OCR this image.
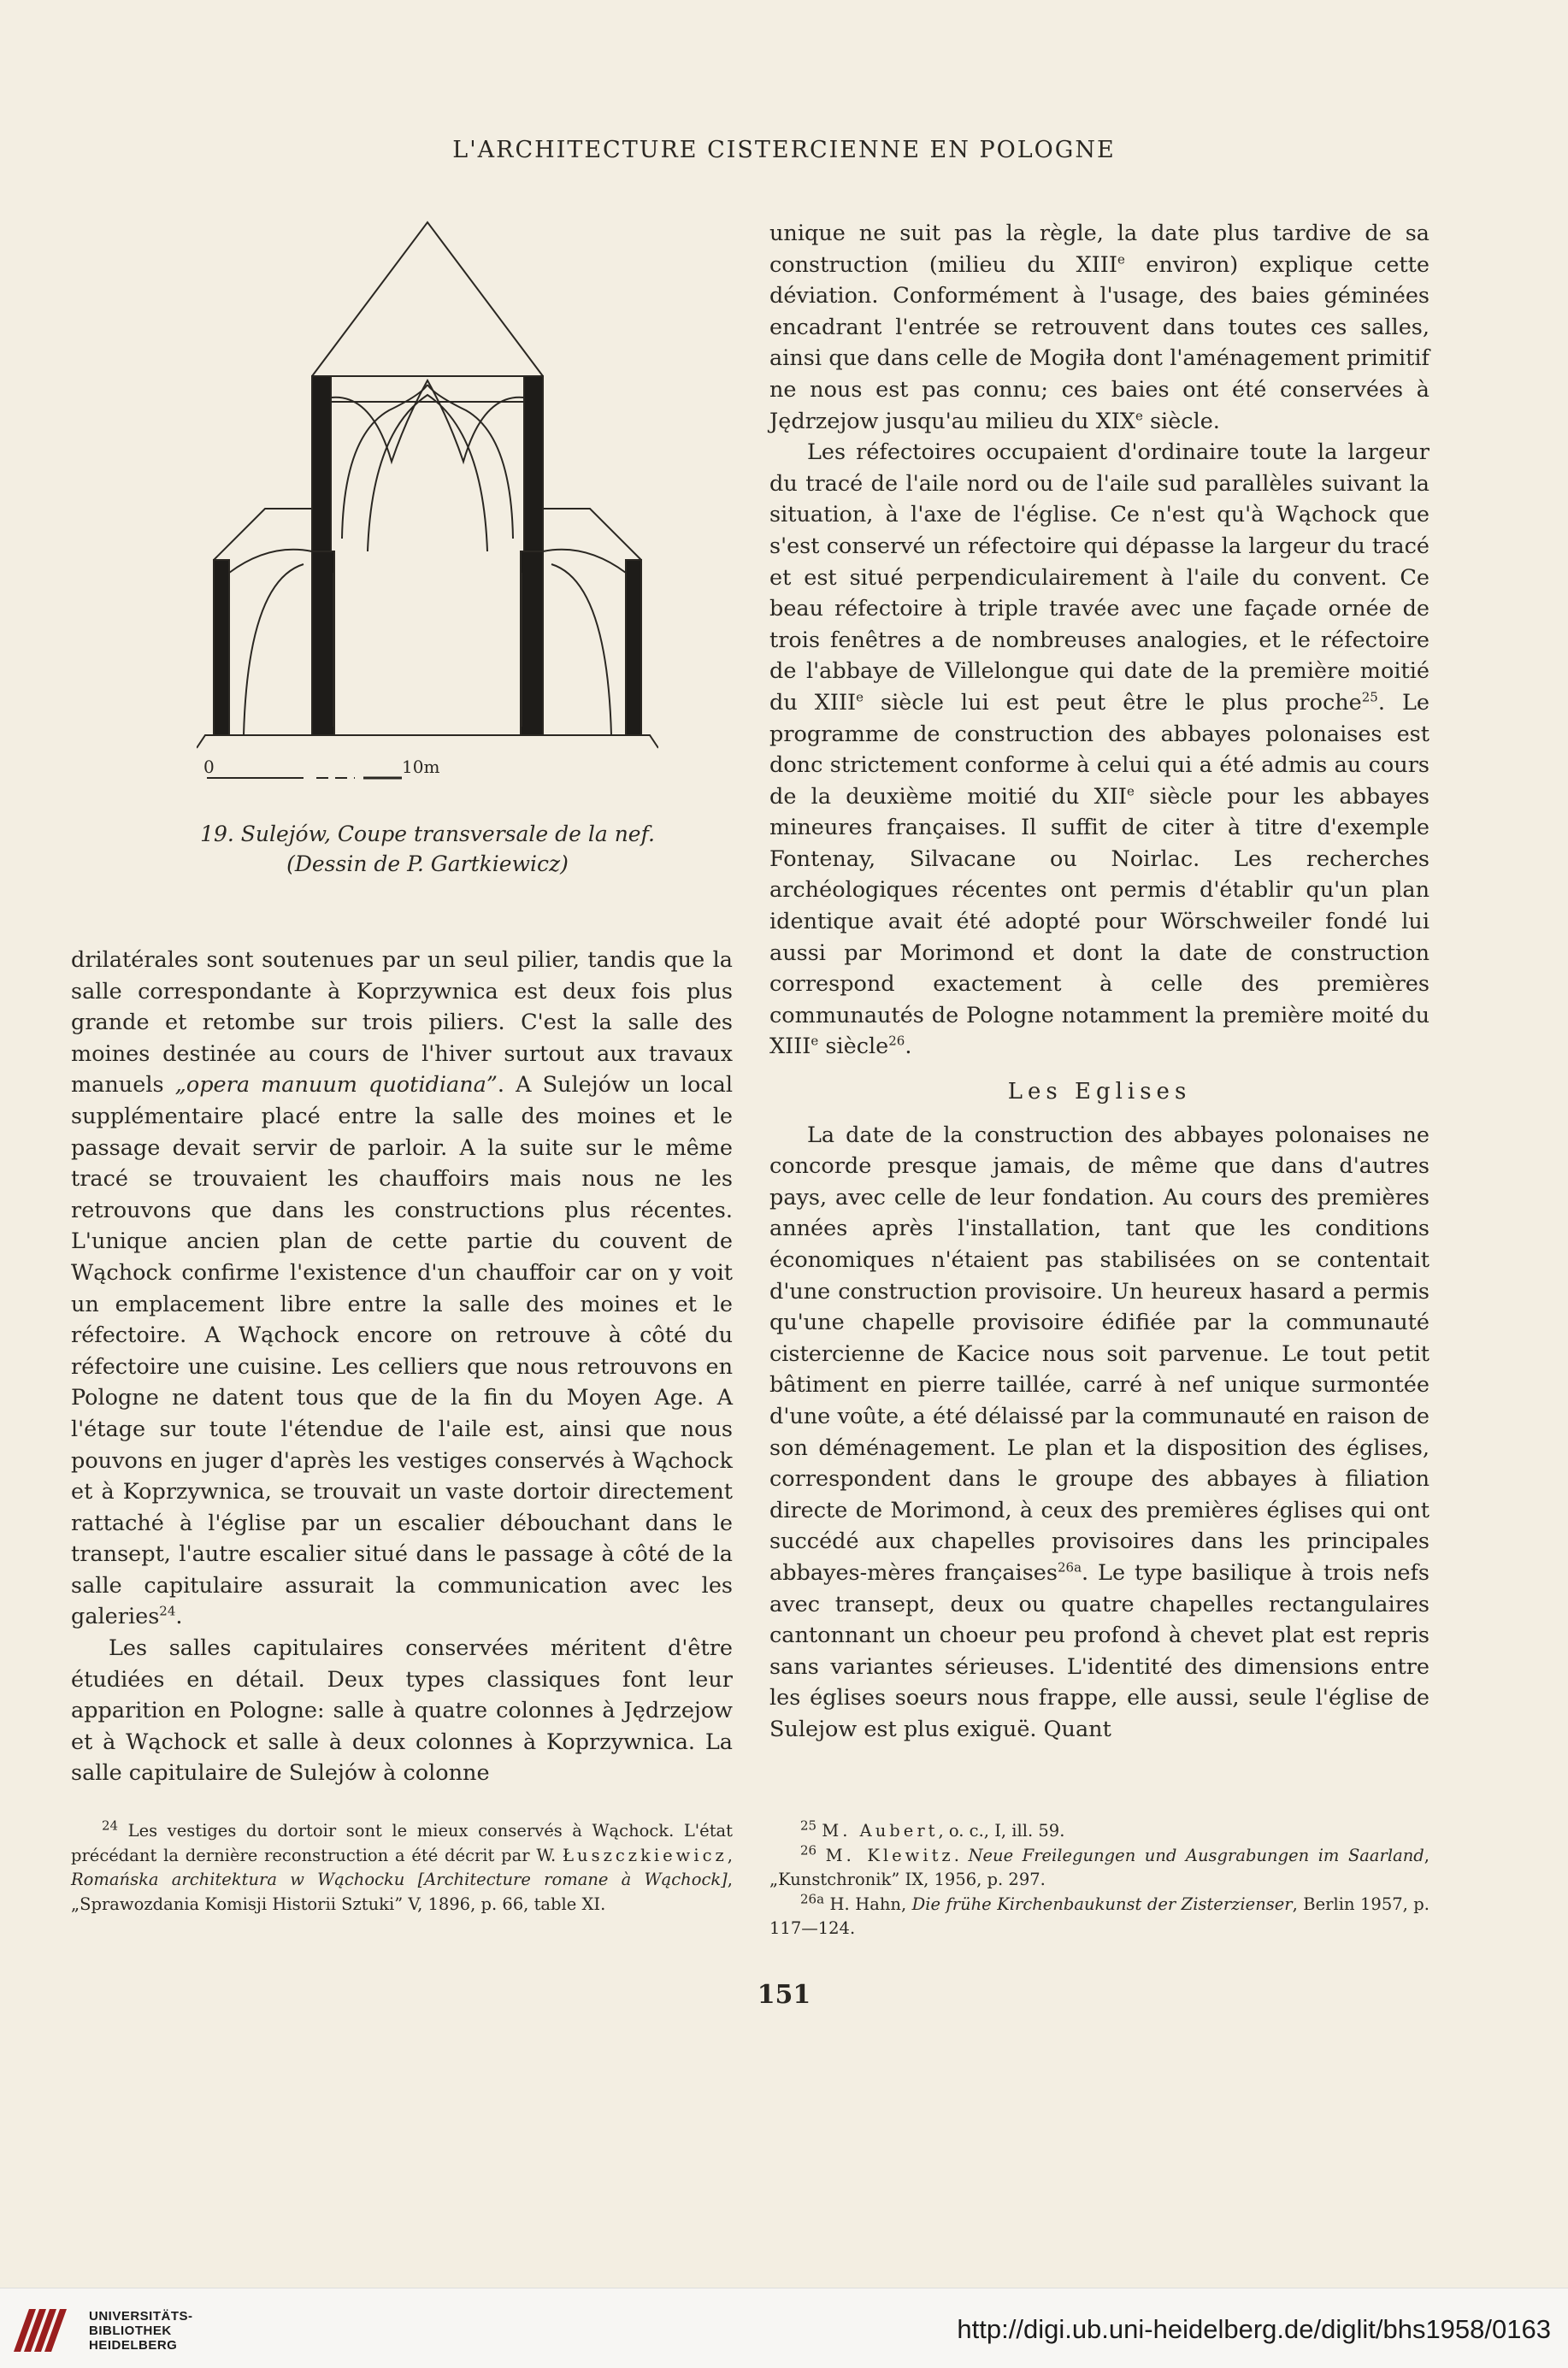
L'ARCHITECTURE CISTERCIENNE EN POLOGNE
0	10m
19. Sulejów, Coupe transversale de la nef.
(Dessin de P. Gartkiewicz)

drilatérales sont soutenues par un seul pilier, tandis que la salle correspondante à Koprzywnica est deux fois plus grande et retombe sur trois piliers. C'est la salle des moines destinée au cours de l'hiver surtout aux travaux manuels „opera manuum quotidiana”. A Sulejów un local supplémentaire placé entre la salle des moines et le passage devait servir de parloir. A la suite sur le même tracé se trouvaient les chauffoirs mais nous ne les retrouvons que dans les constructions plus récentes. L'unique ancien plan de cette partie du couvent de Wąchock confirme l'existence d'un chauffoir car on y voit un emplacement libre entre la salle des moines et le réfectoire. A Wąchock encore on retrouve à côté du réfectoire une cuisine. Les celliers que nous retrouvons en Pologne ne datent tous que de la fin du Moyen Age. A l'étage sur toute l'étendue de l'aile est, ainsi que nous pouvons en juger d'après les vestiges conservés à Wąchock et à Koprzywnica, se trouvait un vaste dortoir directement rattaché à l'église par un escalier débouchant dans le transept, l'autre escalier situé dans le passage à côté de la salle capitulaire assurait la communication avec les galeries$^{24}$.

Les salles capitulaires conservées méritent d'être étudiées en détail. Deux types classiques font leur apparition en Pologne: salle à quatre colonnes à Jędrzejow et à Wąchock et salle à deux colonnes à Koprzywnica. La salle capitulaire de Sulejów à colonne

unique ne suit pas la règle, la date plus tardive de sa construction (milieu du XIIIe environ) explique cette déviation. Conformément à l'usage, des baies géminées encadrant l'entrée se retrouvent dans toutes ces salles, ainsi que dans celle de Mogiła dont l'aménagement primitif ne nous est pas connu; ces baies ont été conservées à Jędrzejow jusqu'au milieu du XIXe siècle.

Les réfectoires occupaient d'ordinaire toute la largeur du tracé de l'aile nord ou de l'aile sud parallèles suivant la situation, à l'axe de l'église. Ce n'est qu'à Wąchock que s'est conservé un réfectoire qui dépasse la largeur du tracé et est situé perpendiculairement à l'aile du convent. Ce beau réfectoire à triple travée avec une façade ornée de trois fenêtres a de nombreuses analogies, et le réfectoire de l'abbaye de Villelongue qui date de la première moitié du XIIIe siècle lui est peut être le plus proche$^{25}$. Le programme de construction des abbayes polonaises est donc strictement conforme à celui qui a été admis au cours de la deuxième moitié du XIIe siècle pour les abbayes mineures françaises. Il suffit de citer à titre d'exemple Fontenay, Silvacane ou Noirlac. Les recherches archéologiques récentes ont permis d'établir qu'un plan identique avait été adopté pour Wörschweiler fondé lui aussi par Morimond et dont la date de construction correspond exactement à celle des premières communautés de Pologne notamment la première moité du XIIIe siècle$^{26}$.

Les Eglises

La date de la construction des abbayes polonaises ne concorde presque jamais, de même que dans d'autres pays, avec celle de leur fondation. Au cours des premières années après l'installation, tant que les conditions économiques n'étaient pas stabilisées on se contentait d'une construction provisoire. Un heureux hasard a permis qu'une chapelle provisoire édifiée par la communauté cistercienne de Kacice nous soit parvenue. Le tout petit bâtiment en pierre taillée, carré à nef unique surmontée d'une voûte, a été délaissé par la communauté en raison de son déménagement. Le plan et la disposition des églises, correspondent dans le groupe des abbayes à filiation directe de Morimond, à ceux des premières églises qui ont succédé aux chapelles provisoires dans les principales abbayes-mères françaises$^{26a}$. Le type basilique à trois nefs avec transept, deux ou quatre chapelles rectangulaires cantonnant un choeur peu profond à chevet plat est repris sans variantes sérieuses. L'identité des dimensions entre les églises soeurs nous frappe, elle aussi, seule l'église de Sulejow est plus exiguë. Quant

$^{24}$ Les vestiges du dortoir sont le mieux conservés à Wąchock. L'état précédant la dernière reconstruction a été décrit par W. Łuszczkiewicz, Romańska architektura w Wąchocku [Architecture romane à Wąchock], „Sprawozdania Komisji Historii Sztuki” V, 1896, p. 66, table XI.

$^{25}$ M. Aubert, o. c., I, ill. 59.

$^{26}$ M. Klewitz. Neue Freilegungen und Ausgrabungen im Saarland, „Kunstchronik” IX, 1956, p. 297.

$^{26a}$ H. Hahn, Die frühe Kirchenbaukunst der Zisterzienser, Berlin 1957, p. 117—124.

151
UNIVERSITÄTS-
BIBLIOTHEK
HEIDELBERG
http://digi.ub.uni-heidelberg.de/diglit/bhs1958/0163
